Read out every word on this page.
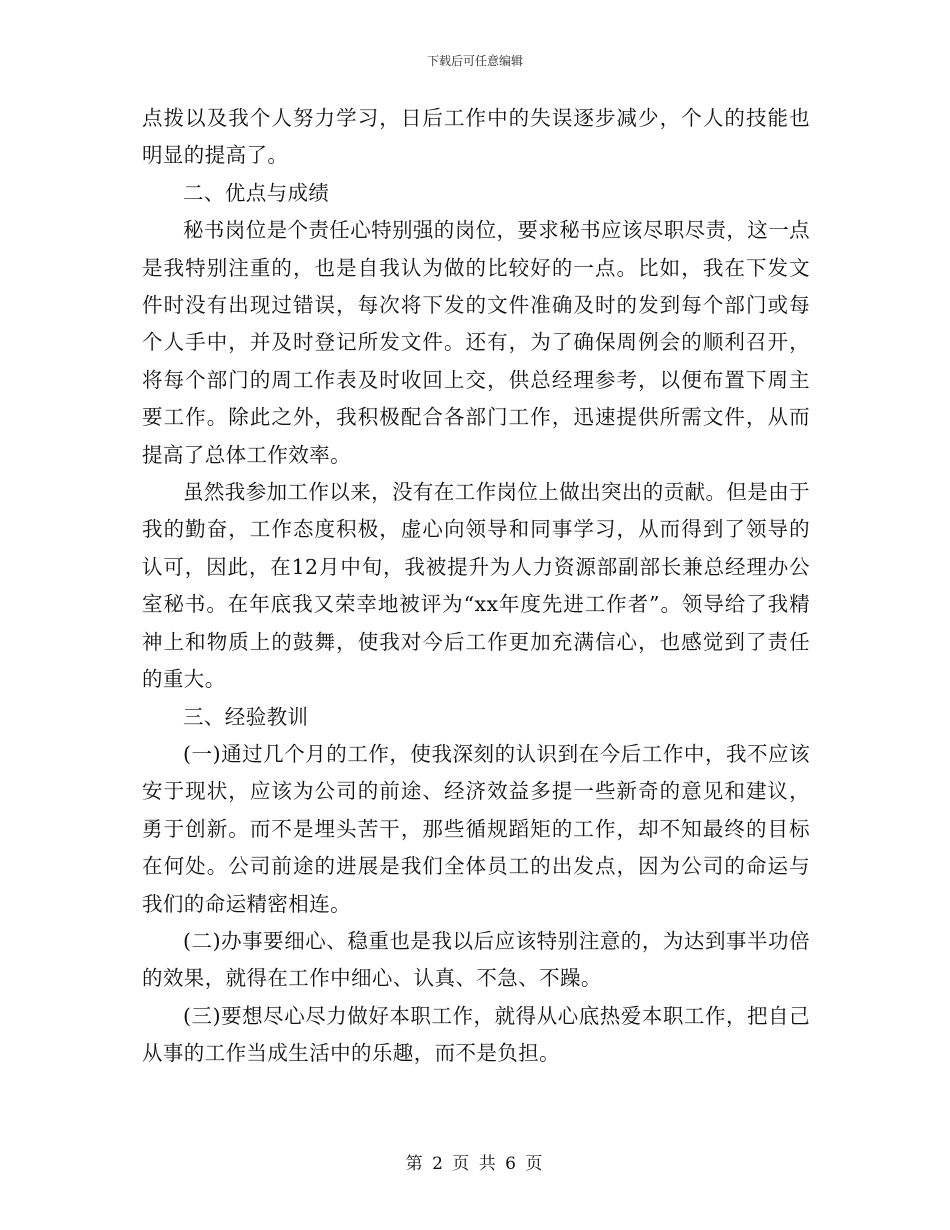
下载后可任意编辑

点拨以及我个人努力学习，日后工作中的失误逐步减少，个人的技能也明显的提高了。

二、优点与成绩

秘书岗位是个责任心特别强的岗位，要求秘书应该尽职尽责，这一点是我特别注重的，也是自我认为做的比较好的一点。比如，我在下发文件时没有出现过错误，每次将下发的文件准确及时的发到每个部门或每个人手中，并及时登记所发文件。还有，为了确保周例会的顺利召开，将每个部门的周工作表及时收回上交，供总经理参考，以便布置下周主要工作。除此之外，我积极配合各部门工作，迅速提供所需文件，从而提高了总体工作效率。

虽然我参加工作以来，没有在工作岗位上做出突出的贡献。但是由于我的勤奋，工作态度积极，虚心向领导和同事学习，从而得到了领导的认可，因此，在12月中旬，我被提升为人力资源部副部长兼总经理办公室秘书。在年底我又荣幸地被评为“xx年度先进工作者”。领导给了我精神上和物质上的鼓舞，使我对今后工作更加充满信心，也感觉到了责任的重大。

三、经验教训

(一)通过几个月的工作，使我深刻的认识到在今后工作中，我不应该安于现状，应该为公司的前途、经济效益多提一些新奇的意见和建议，勇于创新。而不是埋头苦干，那些循规蹈矩的工作，却不知最终的目标在何处。公司前途的进展是我们全体员工的出发点，因为公司的命运与我们的命运精密相连。

(二)办事要细心、稳重也是我以后应该特别注意的，为达到事半功倍的效果，就得在工作中细心、认真、不急、不躁。

(三)要想尽心尽力做好本职工作，就得从心底热爱本职工作，把自己从事的工作当成生活中的乐趣，而不是负担。

第 2 页 共 6 页
